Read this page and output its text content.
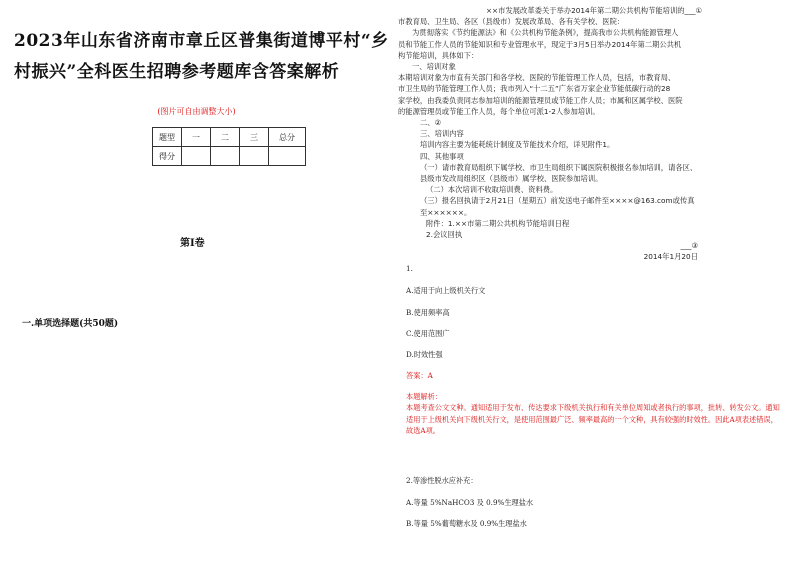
2023年山东省济南市章丘区普集街道博平村“乡村振兴”全科医生招聘参考题库含答案解析
(图片可自由调整大小)
题型	一	二	三	总分
得分				
第I卷
一.单项选择题(共50题)
××市发展改革委关于举办2014年第二期公共机构节能培训的___①
市教育局、卫生局、各区（县级市）发展改革局、各有关学校、医院：
为贯彻落实《节约能源法》和《公共机构节能条例》，提高我市公共机构能源管理人
员和节能工作人员的节能知识和专业管理水平，现定于3月5日举办2014年第二期公共机
构节能培训，具体如下：
一、培训对象
本期培训对象为市直有关部门和各学校、医院的节能管理工作人员，包括，市教育局、
市卫生局的节能管理工作人员；我市列入“十二五”广东省万家企业节能低碳行动的28
家学校，由我委负责同志参加培训的能源管理员或节能工作人员；市属和区属学校、医院
的能源管理员或节能工作人员，每个单位可派1-2人参加培训。
二、②
三、培训内容
培训内容主要为能耗统计制度及节能技术介绍，详见附件1。
四、其他事项
（一）请市教育局组织下属学校、市卫生局组织下属医院积极报名参加培训，请各区、
县级市发改局组织区（县级市）属学校、医院参加培训。
（二）本次培训不收取培训费、资料费。
（三）报名回执请于2月21日（星期五）前发送电子邮件至××××@163.com或传真
至××××××。
附件：1.××市第二期公共机构节能培训日程
2.会议回执
___③
2014年1月20日
1.
A.适用于向上级机关行文
B.使用频率高
C.使用范围广
D.时效性强
答案：A
本题解析：
本题考查公文文种。通知适用于发布、传达要求下级机关执行和有关单位周知或者执行的事项，批转、转发公文。通知适用于上级机关向下级机关行文，是使用范围最广泛、频率最高的一个文种，具有较强的时效性。因此A项表述错误，故选A项。
2.等渗性脱水应补充：
A.等量 5%NaHCO3 及 0.9%生理盐水
B.等量 5%葡萄糖水及 0.9%生理盐水
